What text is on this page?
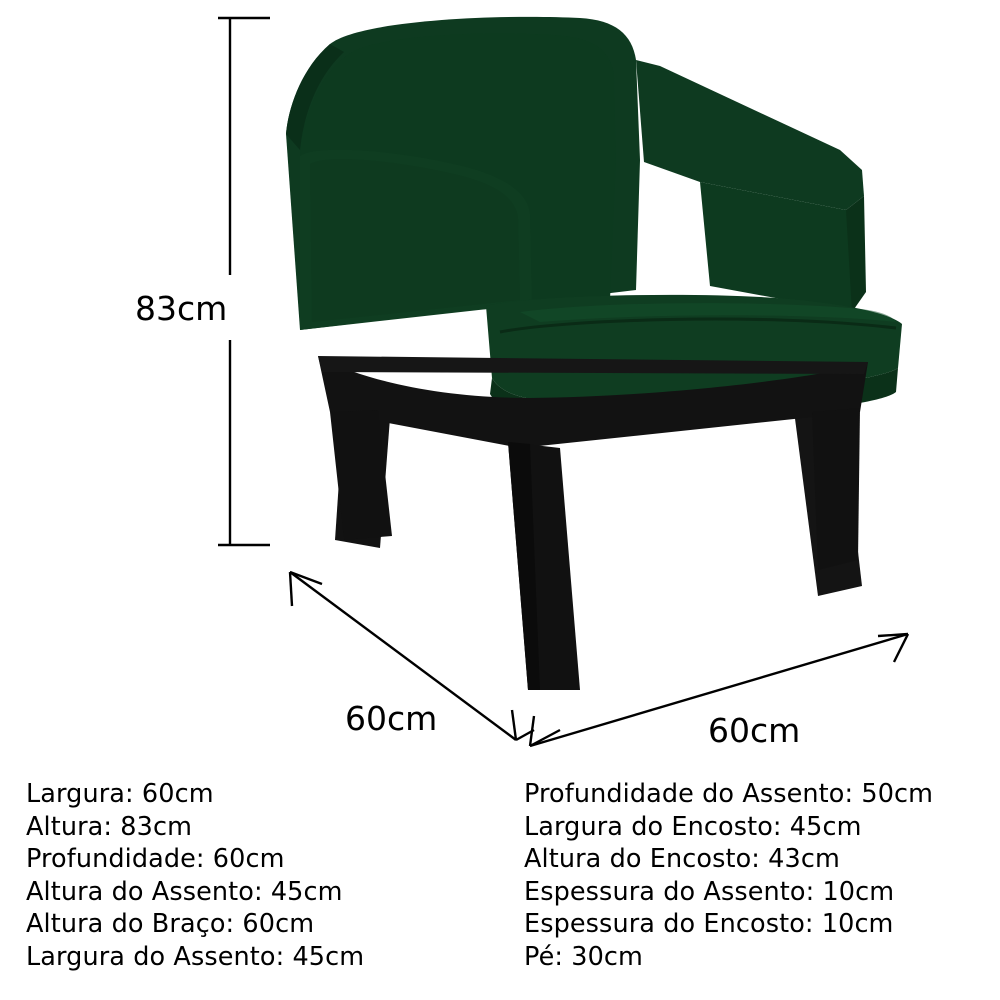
83cm
60cm	60cm
Largura: 60cm
Altura: 83cm
Profundidade: 60cm
Altura do Assento: 45cm
Altura do Braço: 60cm
Largura do Assento: 45cm
Profundidade do Assento: 50cm
Largura do Encosto: 45cm
Altura do Encosto: 43cm
Espessura do Assento: 10cm
Espessura do Encosto: 10cm
Pé: 30cm
